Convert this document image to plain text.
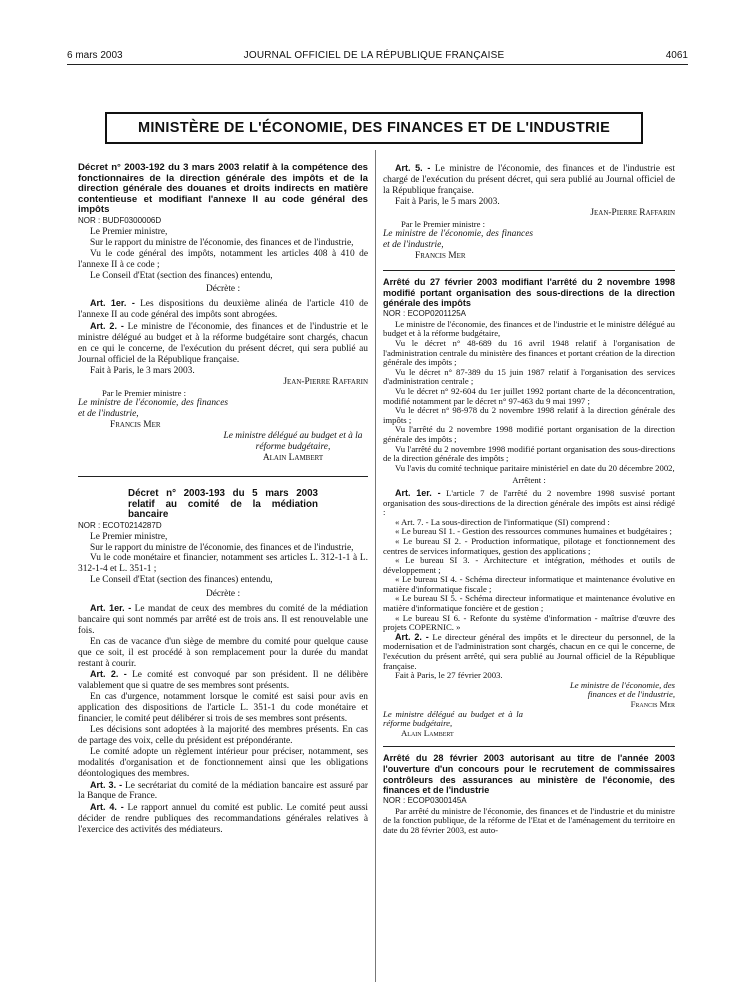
6 mars 2003	JOURNAL OFFICIEL DE LA RÉPUBLIQUE FRANÇAISE	4061
MINISTÈRE DE L'ÉCONOMIE, DES FINANCES ET DE L'INDUSTRIE

Décret n° 2003-192 du 3 mars 2003 relatif à la compétence des fonctionnaires de la direction générale des impôts et de la direction générale des douanes et droits indirects en matière contentieuse et modifiant l'annexe II au code général des impôts

NOR : BUDF0300006D

Le Premier ministre,

Sur le rapport du ministre de l'économie, des finances et de l'industrie,

Vu le code général des impôts, notamment les articles 408 à 410 de l'annexe II à ce code ;

Le Conseil d'Etat (section des finances) entendu,

Décrète :

Art. 1er. - Les dispositions du deuxième alinéa de l'article 410 de l'annexe II au code général des impôts sont abrogées.

Art. 2. - Le ministre de l'économie, des finances et de l'industrie et le ministre délégué au budget et à la réforme budgétaire sont chargés, chacun en ce qui le concerne, de l'exécution du présent décret, qui sera publié au Journal officiel de la République française.

Fait à Paris, le 3 mars 2003.

Jean-Pierre Raffarin

Par le Premier ministre :

Le ministre de l'économie, des finances et de l'industrie,

Francis Mer

Le ministre délégué au budget et à la réforme budgétaire,

Alain Lambert

Décret n° 2003-193 du 5 mars 2003 relatif au comité de la médiation bancaire

NOR : ECOT0214287D

Le Premier ministre,

Sur le rapport du ministre de l'économie, des finances et de l'industrie,

Vu le code monétaire et financier, notamment ses articles L. 312-1-1 à L. 312-1-4 et L. 351-1 ;

Le Conseil d'Etat (section des finances) entendu,

Décrète :

Art. 1er. - Le mandat de ceux des membres du comité de la médiation bancaire qui sont nommés par arrêté est de trois ans. Il est renouvelable une fois.

En cas de vacance d'un siège de membre du comité pour quelque cause que ce soit, il est procédé à son remplacement pour la durée du mandat restant à courir.

Art. 2. - Le comité est convoqué par son président. Il ne délibère valablement que si quatre de ses membres sont présents.

En cas d'urgence, notamment lorsque le comité est saisi pour avis en application des dispositions de l'article L. 351-1 du code monétaire et financier, le comité peut délibérer si trois de ses membres sont présents.

Les décisions sont adoptées à la majorité des membres présents. En cas de partage des voix, celle du président est prépondérante.

Le comité adopte un règlement intérieur pour préciser, notamment, ses modalités d'organisation et de fonctionnement ainsi que les obligations déontologiques des membres.

Art. 3. - Le secrétariat du comité de la médiation bancaire est assuré par la Banque de France.

Art. 4. - Le rapport annuel du comité est public. Le comité peut aussi décider de rendre publiques des recommandations générales relatives à l'exercice des activités des médiateurs.

Art. 5. - Le ministre de l'économie, des finances et de l'industrie est chargé de l'exécution du présent décret, qui sera publié au Journal officiel de la République française.

Fait à Paris, le 5 mars 2003.

Jean-Pierre Raffarin

Par le Premier ministre :

Le ministre de l'économie, des finances et de l'industrie,

Francis Mer

Arrêté du 27 février 2003 modifiant l'arrêté du 2 novembre 1998 modifié portant organisation des sous-directions de la direction générale des impôts

NOR : ECOP0201125A

Le ministre de l'économie, des finances et de l'industrie et le ministre délégué au budget et à la réforme budgétaire,

Vu le décret n° 48-689 du 16 avril 1948 relatif à l'organisation de l'administration centrale du ministère des finances et portant création de la direction générale des impôts ;

Vu le décret n° 87-389 du 15 juin 1987 relatif à l'organisation des services d'administration centrale ;

Vu le décret n° 92-604 du 1er juillet 1992 portant charte de la déconcentration, modifié notamment par le décret n° 97-463 du 9 mai 1997 ;

Vu le décret n° 98-978 du 2 novembre 1998 relatif à la direction générale des impôts ;

Vu l'arrêté du 2 novembre 1998 modifié portant organisation de la direction générale des impôts ;

Vu l'arrêté du 2 novembre 1998 modifié portant organisation des sous-directions de la direction générale des impôts ;

Vu l'avis du comité technique paritaire ministériel en date du 20 décembre 2002,

Arrêtent :

Art. 1er. - L'article 7 de l'arrêté du 2 novembre 1998 susvisé portant organisation des sous-directions de la direction générale des impôts est ainsi rédigé :

« Art. 7. - La sous-direction de l'informatique (SI) comprend :

« Le bureau SI 1. - Gestion des ressources communes humaines et budgétaires ;

« Le bureau SI 2. - Production informatique, pilotage et fonctionnement des centres de services informatiques, gestion des applications ;

« Le bureau SI 3. - Architecture et intégration, méthodes et outils de développement ;

« Le bureau SI 4. - Schéma directeur informatique et maintenance évolutive en matière d'informatique fiscale ;

« Le bureau SI 5. - Schéma directeur informatique et maintenance évolutive en matière d'informatique foncière et de gestion ;

« Le bureau SI 6. - Refonte du système d'information - maîtrise d'œuvre des projets COPERNIC. »

Art. 2. - Le directeur général des impôts et le directeur du personnel, de la modernisation et de l'administration sont chargés, chacun en ce qui le concerne, de l'exécution du présent arrêté, qui sera publié au Journal officiel de la République française.

Fait à Paris, le 27 février 2003.

Le ministre de l'économie, des finances et de l'industrie,

Francis Mer

Le ministre délégué au budget et à la réforme budgétaire,

Alain Lambert

Arrêté du 28 février 2003 autorisant au titre de l'année 2003 l'ouverture d'un concours pour le recrutement de commissaires contrôleurs des assurances au ministère de l'économie, des finances et de l'industrie

NOR : ECOP0300145A

Par arrêté du ministre de l'économie, des finances et de l'industrie et du ministre de la fonction publique, de la réforme de l'Etat et de l'aménagement du territoire en date du 28 février 2003, est auto-
